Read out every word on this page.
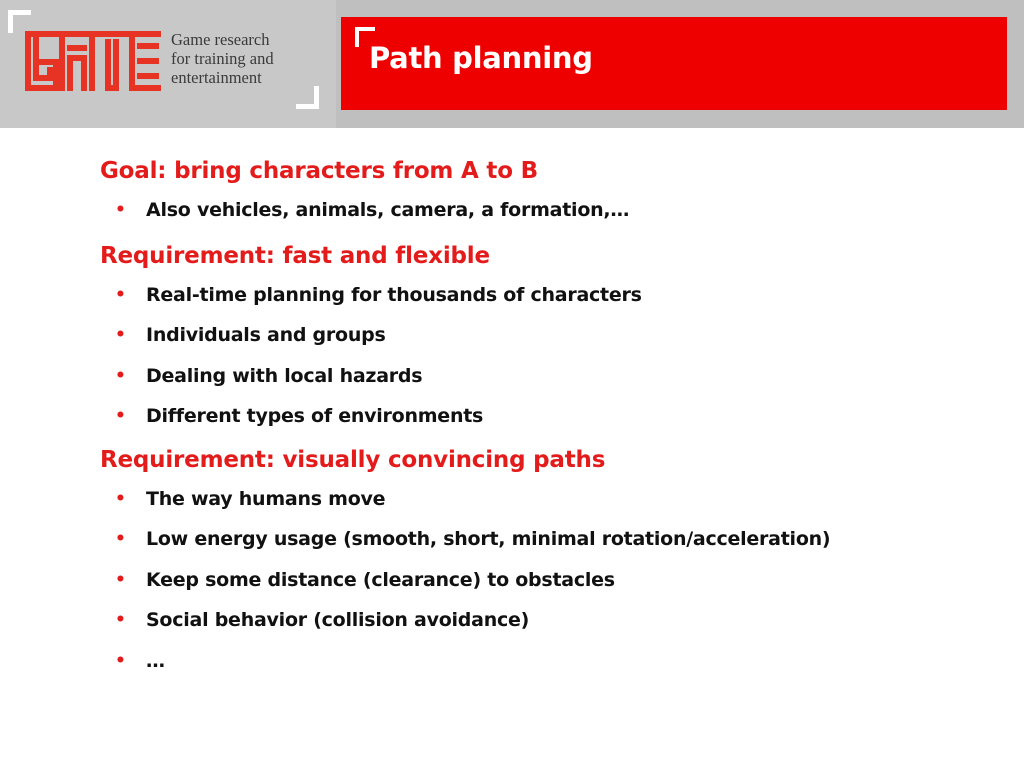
Game research
for training and
entertainment

Path planning
Goal: bring characters from A to B
• Also vehicles, animals, camera, a formation,…
Requirement: fast and flexible
• Real-time planning for thousands of characters
• Individuals and groups
• Dealing with local hazards
• Different types of environments
Requirement: visually convincing paths
• The way humans move
• Low energy usage (smooth, short, minimal rotation/acceleration)
• Keep some distance (clearance) to obstacles
• Social behavior (collision avoidance)
• …
